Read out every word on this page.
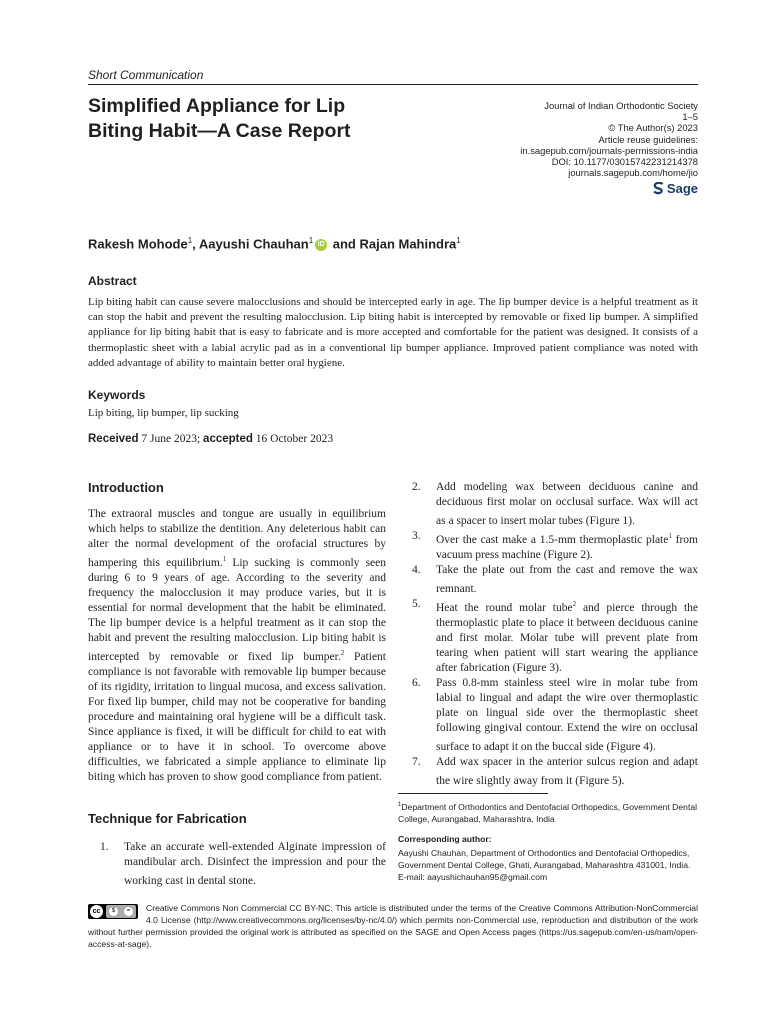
Short Communication
Simplified Appliance for Lip Biting Habit—A Case Report
Journal of Indian Orthodontic Society
1–5
© The Author(s) 2023
Article reuse guidelines:
in.sagepub.com/journals-permissions-india
DOI: 10.1177/03015742231214378
journals.sagepub.com/home/jio
Sage
Rakesh Mohode$^1$, Aayushi Chauhan$^1$ iD and Rajan Mahindra$^1$
Abstract
Lip biting habit can cause severe malocclusions and should be intercepted early in age. The lip bumper device is a helpful treatment as it can stop the habit and prevent the resulting malocclusion. Lip biting habit is intercepted by removable or fixed lip bumper. A simplified appliance for lip biting habit that is easy to fabricate and is more accepted and comfortable for the patient was designed. It consists of a thermoplastic sheet with a labial acrylic pad as in a conventional lip bumper appliance. Improved patient compliance was noted with added advantage of ability to maintain better oral hygiene.
Keywords
Lip biting, lip bumper, lip sucking
Received 7 June 2023; accepted 16 October 2023
Introduction
The extraoral muscles and tongue are usually in equilibrium which helps to stabilize the dentition. Any deleterious habit can alter the normal development of the orofacial structures by hampering this equilibrium.$^1$ Lip sucking is commonly seen during 6 to 9 years of age. According to the severity and frequency the malocclusion it may produce varies, but it is essential for normal development that the habit be eliminated. The lip bumper device is a helpful treatment as it can stop the habit and prevent the resulting malocclusion. Lip biting habit is intercepted by removable or fixed lip bumper.$^2$ Patient compliance is not favorable with removable lip bumper because of its rigidity, irritation to lingual mucosa, and excess salivation. For fixed lip bumper, child may not be cooperative for banding procedure and maintaining oral hygiene will be a difficult task. Since appliance is fixed, it will be difficult for child to eat with appliance or to have it in school. To overcome above difficulties, we fabricated a simple appliance to eliminate lip biting which has proven to show good compliance from patient.
Technique for Fabrication
1.	Take an accurate well-extended Alginate impression of mandibular arch. Disinfect the impression and pour the working cast in dental stone.
2.	Add modeling wax between deciduous canine and deciduous first molar on occlusal surface. Wax will act as a spacer to insert molar tubes (Figure 1).
3.	Over the cast make a 1.5-mm thermoplastic plate$^1$ from vacuum press machine (Figure 2).
4.	Take the plate out from the cast and remove the wax remnant.
5.	Heat the round molar tube$^2$ and pierce through the thermoplastic plate to place it between deciduous canine and first molar. Molar tube will prevent plate from tearing when patient will start wearing the appliance after fabrication (Figure 3).
6.	Pass 0.8-mm stainless steel wire in molar tube from labial to lingual and adapt the wire over thermoplastic plate on lingual side over the thermoplastic sheet following gingival contour. Extend the wire on occlusal surface to adapt it on the buccal side (Figure 4).
7.	Add wax spacer in the anterior sulcus region and adapt the wire slightly away from it (Figure 5).
$^1$Department of Orthodontics and Dentofacial Orthopedics, Government Dental College, Aurangabad, Maharashtra, India
Corresponding author:
Aayushi Chauhan, Department of Orthodontics and Dentofacial Orthopedics,
Government Dental College, Ghati, Aurangabad, Maharashtra 431001, India.
E-mail: aayushichauhan95@gmail.com
cc	$	=	Creative Commons Non Commercial CC BY-NC: This article is distributed under the terms of the Creative Commons Attribution-NonCommercial 4.0 License (http://www.creativecommons.org/licenses/by-nc/4.0/) which permits non-Commercial use, reproduction and distribution of the work without further permission provided the original work is attributed as specified on the SAGE and Open Access pages (https://us.sagepub.com/en-us/nam/open-access-at-sage).
